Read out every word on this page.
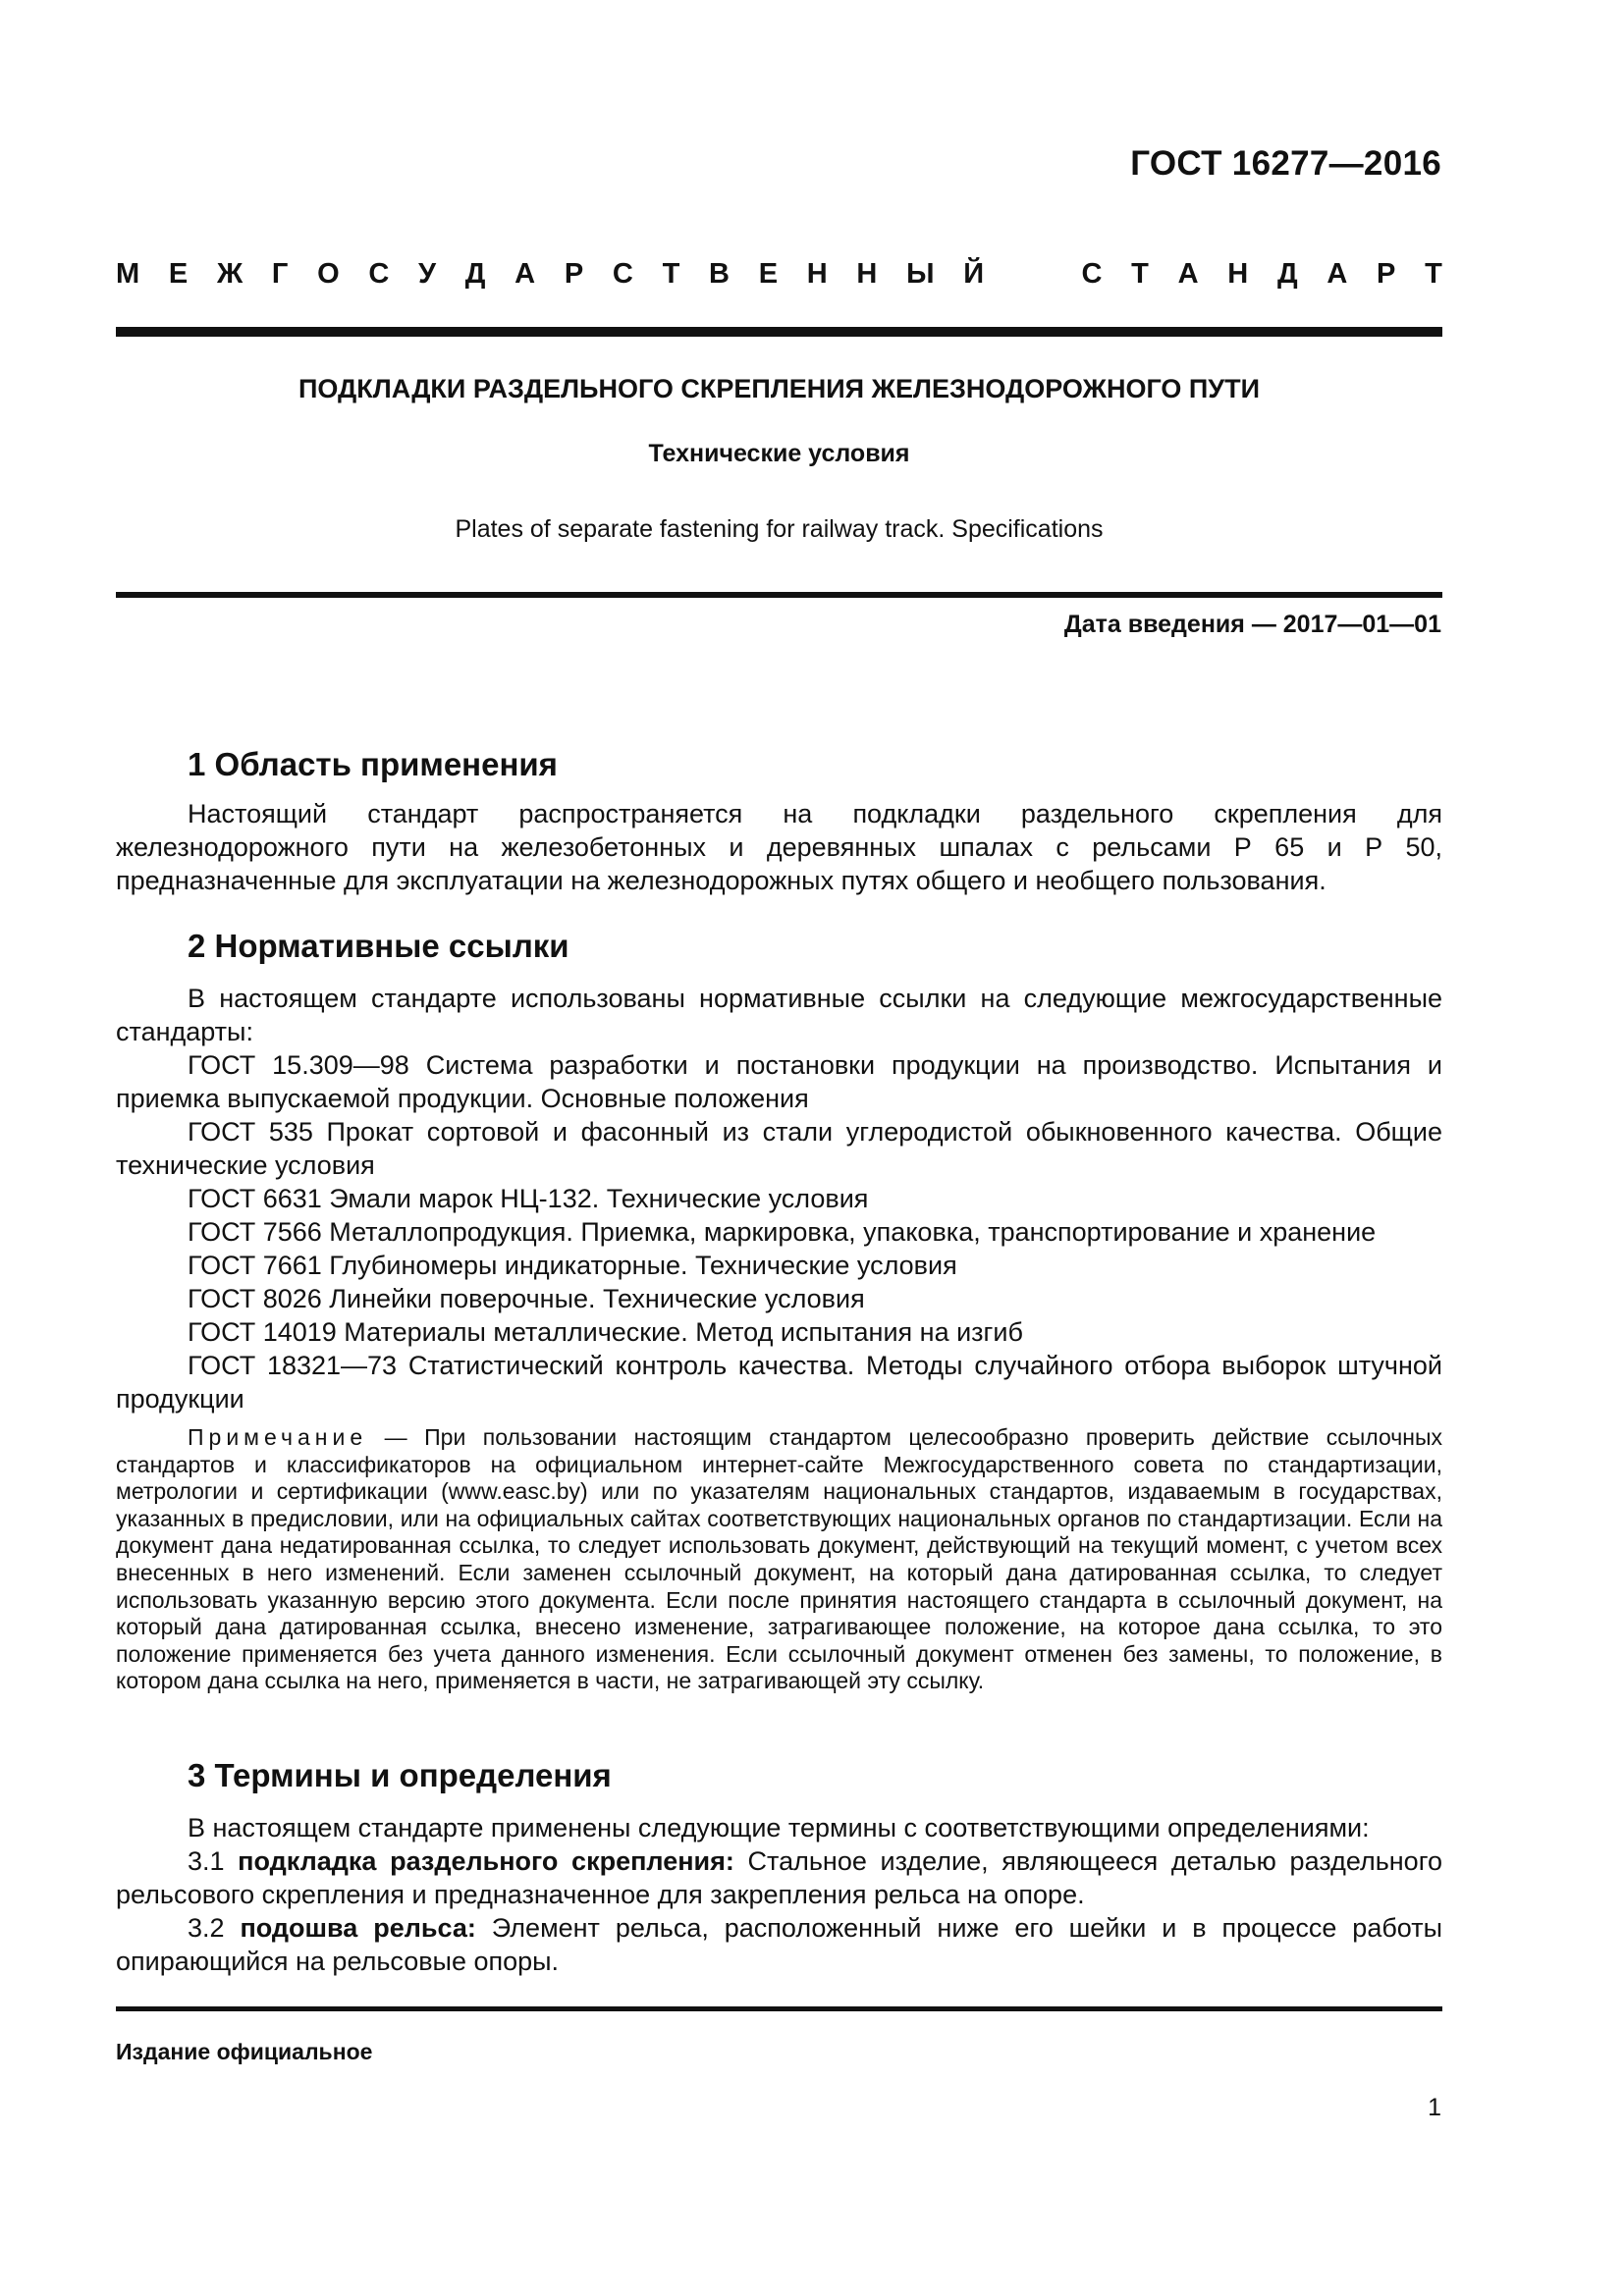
ГОСТ 16277—2016
М Е Ж Г О С У Д А Р С Т В Е Н Н Ы Й	С Т А Н Д А Р Т
ПОДКЛАДКИ РАЗДЕЛЬНОГО СКРЕПЛЕНИЯ ЖЕЛЕЗНОДОРОЖНОГО ПУТИ
Технические условия
Plates of separate fastening for railway track. Specifications
Дата введения — 2017—01—01
1 Область применения

Настоящий стандарт распространяется на подкладки раздельного скрепления для железнодорожного пути на железобетонных и деревянных шпалах с рельсами Р 65 и Р 50, предназначенные для эксплуатации на железнодорожных путях общего и необщего пользования.

2 Нормативные ссылки

В настоящем стандарте использованы нормативные ссылки на следующие межгосударственные стандарты:

ГОСТ 15.309—98 Система разработки и постановки продукции на производство. Испытания и приемка выпускаемой продукции. Основные положения

ГОСТ 535 Прокат сортовой и фасонный из стали углеродистой обыкновенного качества. Общие технические условия

ГОСТ 6631 Эмали марок НЦ-132. Технические условия

ГОСТ 7566 Металлопродукция. Приемка, маркировка, упаковка, транспортирование и хранение

ГОСТ 7661 Глубиномеры индикаторные. Технические условия

ГОСТ 8026 Линейки поверочные. Технические условия

ГОСТ 14019 Материалы металлические. Метод испытания на изгиб

ГОСТ 18321—73 Статистический контроль качества. Методы случайного отбора выборок штучной продукции

Примечание — При пользовании настоящим стандартом целесообразно проверить действие ссылочных стандартов и классификаторов на официальном интернет-сайте Межгосударственного совета по стандартизации, метрологии и сертификации (www.easc.by) или по указателям национальных стандартов, издаваемым в государствах, указанных в предисловии, или на официальных сайтах соответствующих национальных органов по стандартизации. Если на документ дана недатированная ссылка, то следует использовать документ, действующий на текущий момент, с учетом всех внесенных в него изменений. Если заменен ссылочный документ, на который дана датированная ссылка, то следует использовать указанную версию этого документа. Если после принятия настоящего стандарта в ссылочный документ, на который дана датированная ссылка, внесено изменение, затрагивающее положение, на которое дана ссылка, то это положение применяется без учета данного изменения. Если ссылочный документ отменен без замены, то положение, в котором дана ссылка на него, применяется в части, не затрагивающей эту ссылку.

3 Термины и определения

В настоящем стандарте применены следующие термины с соответствующими определениями:

3.1 подкладка раздельного скрепления: Стальное изделие, являющееся деталью раздельного рельсового скрепления и предназначенное для закрепления рельса на опоре.

3.2 подошва рельса: Элемент рельса, расположенный ниже его шейки и в процессе работы опирающийся на рельсовые опоры.

Издание официальное
1
